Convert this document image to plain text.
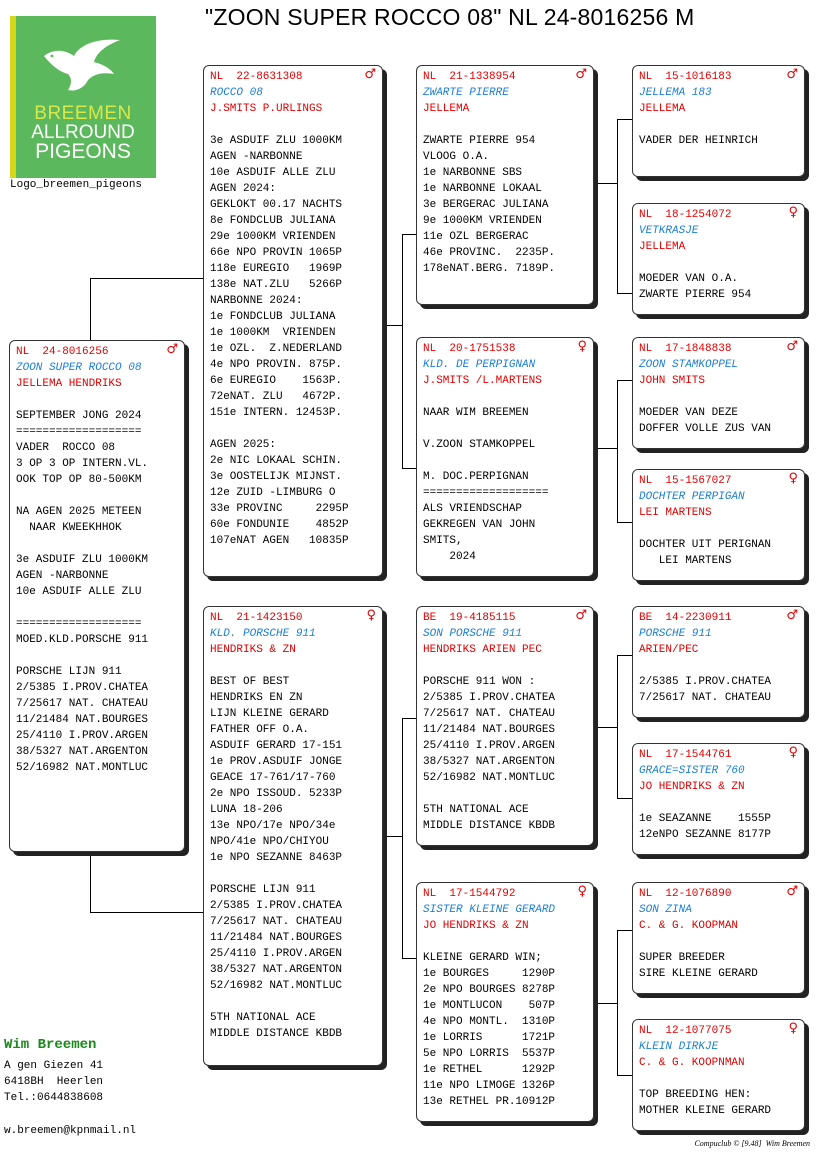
"ZOON SUPER ROCCO 08" NL 24-8016256 M
BREEMEN
ALLROUND
PIGEONS
Logo_breemen_pigeons
NL  24-8016256	♂
ZOON SUPER ROCCO 08
JELLEMA HENDRIKS
SEPTEMBER JONG 2024
===================
VADER  ROCCO 08
3 OP 3 OP INTERN.VL.
OOK TOP OP 80-500KM

NA AGEN 2025 METEEN
NAAR KWEEKHHOK

3e ASDUIF ZLU 1000KM
AGEN -NARBONNE
10e ASDUIF ALLE ZLU

===================
MOED.KLD.PORSCHE 911

PORSCHE LIJN 911
2/5385 I.PROV.CHATEA
7/25617 NAT. CHATEAU
11/21484 NAT.BOURGES
25/4110 I.PROV.ARGEN
38/5327 NAT.ARGENTON
52/16982 NAT.MONTLUC
NL  22-8631308	♂
ROCCO 08
J.SMITS P.URLINGS
3e ASDUIF ZLU 1000KM
AGEN -NARBONNE
10e ASDUIF ALLE ZLU
AGEN 2024:
GEKLOKT 00.17 NACHTS
8e FONDCLUB JULIANA
29e 1000KM VRIENDEN
66e NPO PROVIN 1065P
118e EUREGIO   1969P
138e NAT.ZLU   5266P
NARBONNE 2024:
1e FONDCLUB JULIANA
1e 1000KM  VRIENDEN
1e OZL.  Z.NEDERLAND
4e NPO PROVIN. 875P.
6e EUREGIO    1563P.
72eNAT. ZLU   4672P.
151e INTERN. 12453P.

AGEN 2025:
2e NIC LOKAAL SCHIN.
3e OOSTELIJK MIJNST.
12e ZUID -LIMBURG O
33e PROVINC     2295P
60e FONDUNIE    4852P
107eNAT AGEN   10835P
NL  21-1423150	♀
KLD. PORSCHE 911
HENDRIKS & ZN
BEST OF BEST
HENDRIKS EN ZN
LIJN KLEINE GERARD
FATHER OFF O.A.
ASDUIF GERARD 17-151
1e PROV.ASDUIF JONGE
GEACE 17-761/17-760
2e NPO ISSOUD. 5233P
LUNA 18-206
13e NPO/17e NPO/34e
NPO/41e NPO/CHIYOU
1e NPO SEZANNE 8463P

PORSCHE LIJN 911
2/5385 I.PROV.CHATEA
7/25617 NAT. CHATEAU
11/21484 NAT.BOURGES
25/4110 I.PROV.ARGEN
38/5327 NAT.ARGENTON
52/16982 NAT.MONTLUC

5TH NATIONAL ACE
MIDDLE DISTANCE KBDB
NL  21-1338954	♂
ZWARTE PIERRE
JELLEMA
ZWARTE PIERRE 954
VLOOG O.A.
1e NARBONNE SBS
1e NARBONNE LOKAAL
3e BERGERAC JULIANA
9e 1000KM VRIENDEN
11e OZL BERGERAC
46e PROVINC.  2235P.
178eNAT.BERG. 7189P.
NL  20-1751538	♀
KLD. DE PERPIGNAN
J.SMITS /L.MARTENS
NAAR WIM BREEMEN

V.ZOON STAMKOPPEL

M. DOC.PERPIGNAN
===================
ALS VRIENDSCHAP
GEKREGEN VAN JOHN
SMITS,
2024
BE  19-4185115	♂
SON PORSCHE 911
HENDRIKS ARIEN PEC
PORSCHE 911 WON :
2/5385 I.PROV.CHATEA
7/25617 NAT. CHATEAU
11/21484 NAT.BOURGES
25/4110 I.PROV.ARGEN
38/5327 NAT.ARGENTON
52/16982 NAT.MONTLUC

5TH NATIONAL ACE
MIDDLE DISTANCE KBDB
NL  17-1544792	♀
SISTER KLEINE GERARD
JO HENDRIKS & ZN
KLEINE GERARD WIN;
1e BOURGES     1290P
2e NPO BOURGES 8278P
1e MONTLUCON    507P
4e NPO MONTL.  1310P
1e LORRIS      1721P
5e NPO LORRIS  5537P
1e RETHEL      1292P
11e NPO LIMOGE 1326P
13e RETHEL PR.10912P
NL  15-1016183	♂
JELLEMA 183
JELLEMA
VADER DER HEINRICH
NL  18-1254072	♀
VETKRASJE
JELLEMA
MOEDER VAN O.A.
ZWARTE PIERRE 954
NL  17-1848838	♂
ZOON STAMKOPPEL
JOHN SMITS
MOEDER VAN DEZE
DOFFER VOLLE ZUS VAN
NL  15-1567027	♀
DOCHTER PERPIGAN
LEI MARTENS
DOCHTER UIT PERIGNAN
LEI MARTENS
BE  14-2230911	♂
PORSCHE 911
ARIEN/PEC
2/5385 I.PROV.CHATEA
7/25617 NAT. CHATEAU
NL  17-1544761	♀
GRACE=SISTER 760
JO HENDRIKS & ZN
1e SEAZANNE    1555P
12eNPO SEZANNE 8177P
NL  12-1076890	♂
SON ZINA
C. & G. KOOPMAN
SUPER BREEDER
SIRE KLEINE GERARD
NL  12-1077075	♀
KLEIN DIRKJE
C. & G. KOOPNMAN
TOP BREEDING HEN:
MOTHER KLEINE GERARD
Wim Breemen
A gen Giezen 41
6418BH  Heerlen
Tel.:0644838608
w.breemen@kpnmail.nl
Compuclub © [9.48]  Wim Breemen
